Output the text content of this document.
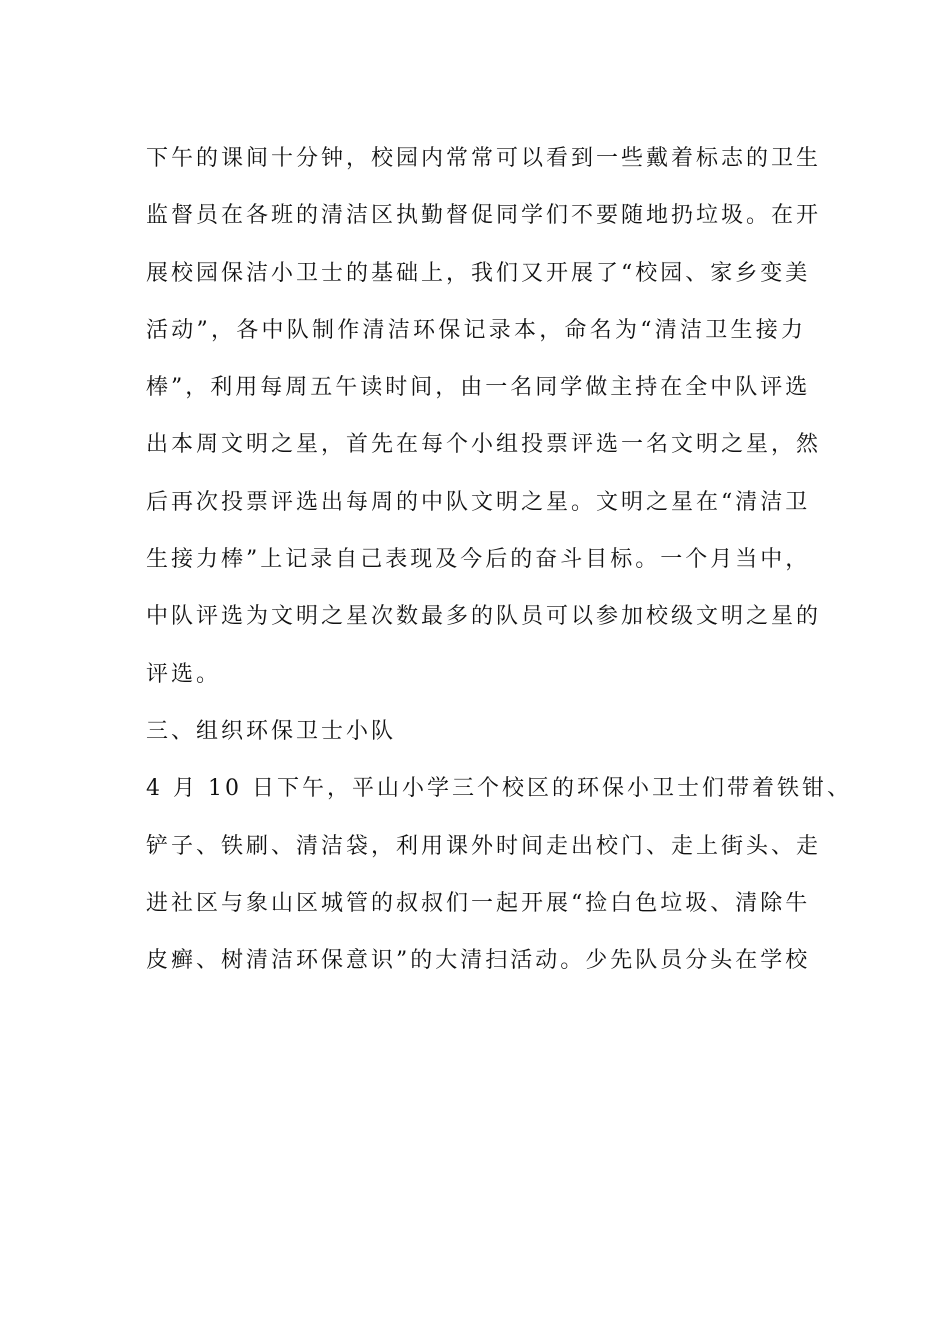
下午的课间十分钟，校园内常常可以看到一些戴着标志的卫生
监督员在各班的清洁区执勤督促同学们不要随地扔垃圾。在开
展校园保洁小卫士的基础上，我们又开展了“校园、家乡变美
活动”，各中队制作清洁环保记录本，命名为“清洁卫生接力
棒”，利用每周五午读时间，由一名同学做主持在全中队评选
出本周文明之星，首先在每个小组投票评选一名文明之星，然
后再次投票评选出每周的中队文明之星。文明之星在“清洁卫
生接力棒”上记录自己表现及今后的奋斗目标。一个月当中，
中队评选为文明之星次数最多的队员可以参加校级文明之星的
评选。
三、组织环保卫士小队
4 月 10 日下午，平山小学三个校区的环保小卫士们带着铁钳、
铲子、铁刷、清洁袋，利用课外时间走出校门、走上街头、走
进社区与象山区城管的叔叔们一起开展“捡白色垃圾、清除牛
皮癣、树清洁环保意识”的大清扫活动。少先队员分头在学校
